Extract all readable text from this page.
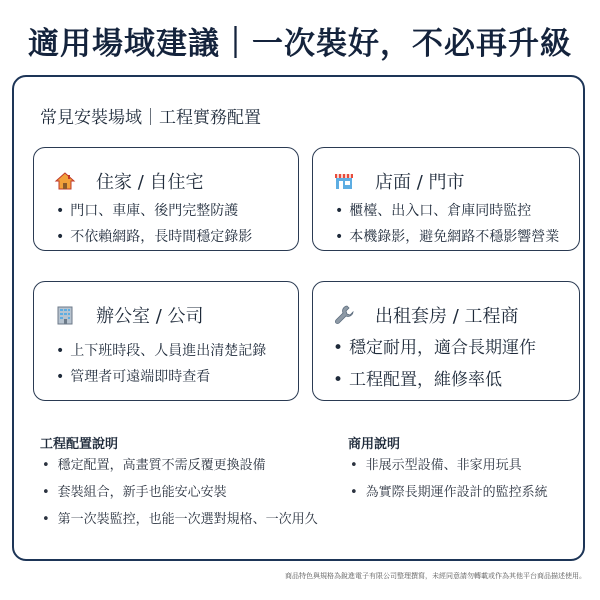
適用場域建議｜一次裝好，不必再升級
常見安裝場域｜工程實務配置
住家 / 自住宅
• 門口、車庫、後門完整防護
• 不依賴網路，長時間穩定錄影
店面 / 門市
• 櫃檯、出入口、倉庫同時監控
• 本機錄影，避免網路不穩影響營業
辦公室 / 公司
• 上下班時段、人員進出清楚記錄
• 管理者可遠端即時查看
出租套房 / 工程商
• 穩定耐用，適合長期運作
• 工程配置，維修率低
工程配置說明
• 穩定配置，高畫質不需反覆更換設備
• 套裝組合，新手也能安心安裝
• 第一次裝監控，也能一次選對規格、一次用久
商用說明
• 非展示型設備、非家用玩具
• 為實際長期運作設計的監控系統
商品特色與規格為銳進電子有限公司整理撰寫，未經同意請勿轉載或作為其他平台商品描述使用。
